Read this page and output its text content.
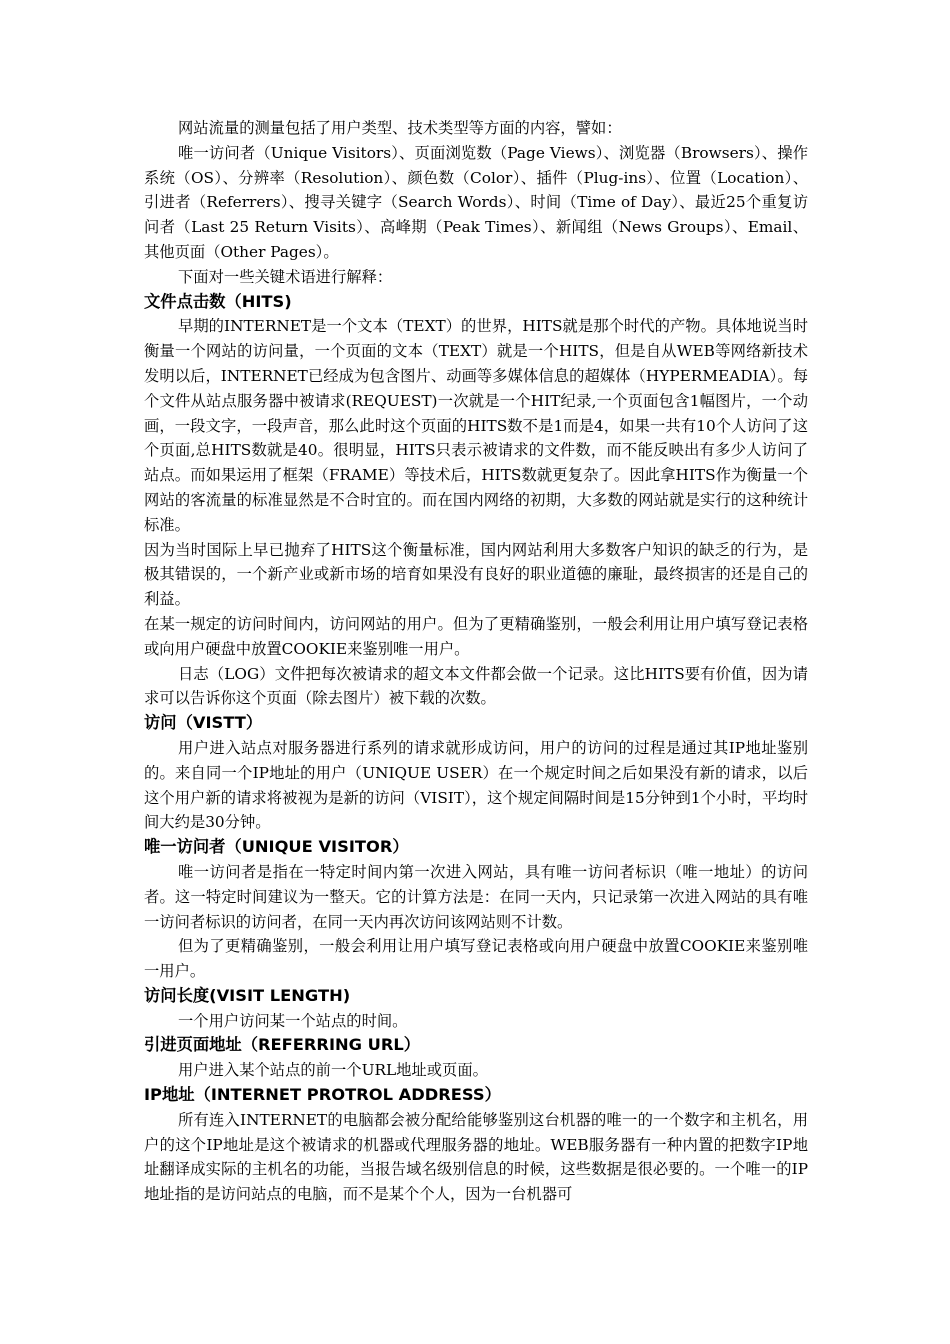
网站流量的测量包括了用户类型、技术类型等方面的内容，譬如：

唯一访问者（Unique Visitors）、页面浏览数（Page Views）、浏览器（Browsers）、操作系统（OS）、分辨率（Resolution）、颜色数（Color）、插件（Plug-ins）、位置（Location）、引进者（Referrers）、搜寻关键字（Search Words）、时间（Time of Day）、最近25个重复访问者（Last 25 Return Visits）、高峰期（Peak Times）、新闻组（News Groups）、Email、其他页面（Other Pages）。

下面对一些关键术语进行解释：

文件点击数（HITS)

早期的INTERNET是一个文本（TEXT）的世界，HITS就是那个时代的产物。具体地说当时衡量一个网站的访问量，一个页面的文本（TEXT）就是一个HITS，但是自从WEB等网络新技术发明以后，INTERNET已经成为包含图片、动画等多媒体信息的超媒体（HYPERMEADIA）。每个文件从站点服务器中被请求(REQUEST)一次就是一个HIT纪录,一个页面包含1幅图片，一个动画，一段文字，一段声音，那么此时这个页面的HITS数不是1而是4，如果一共有10个人访问了这个页面,总HITS数就是40。很明显，HITS只表示被请求的文件数，而不能反映出有多少人访问了站点。而如果运用了框架（FRAME）等技术后，HITS数就更复杂了。因此拿HITS作为衡量一个网站的客流量的标准显然是不合时宜的。而在国内网络的初期，大多数的网站就是实行的这种统计标准。

因为当时国际上早已抛弃了HITS这个衡量标准，国内网站利用大多数客户知识的缺乏的行为，是极其错误的，一个新产业或新市场的培育如果没有良好的职业道德的廉耻，最终损害的还是自己的利益。

在某一规定的访问时间内，访问网站的用户。但为了更精确鉴别，一般会利用让用户填写登记表格或向用户硬盘中放置COOKIE来鉴别唯一用户。

日志（LOG）文件把每次被请求的超文本文件都会做一个记录。这比HITS要有价值，因为请求可以告诉你这个页面（除去图片）被下载的次数。

访问（VISTT）

用户进入站点对服务器进行系列的请求就形成访问，用户的访问的过程是通过其IP地址鉴别的。来自同一个IP地址的用户（UNIQUE USER）在一个规定时间之后如果没有新的请求，以后这个用户新的请求将被视为是新的访问（VISIT），这个规定间隔时间是15分钟到1个小时，平均时间大约是30分钟。

唯一访问者（UNIQUE VISITOR）

唯一访问者是指在一特定时间内第一次进入网站，具有唯一访问者标识（唯一地址）的访问者。这一特定时间建议为一整天。它的计算方法是：在同一天内，只记录第一次进入网站的具有唯一访问者标识的访问者，在同一天内再次访问该网站则不计数。

但为了更精确鉴别，一般会利用让用户填写登记表格或向用户硬盘中放置COOKIE来鉴别唯一用户。

访问长度(VISIT LENGTH)

一个用户访问某一个站点的时间。

引进页面地址（REFERRING URL）

用户进入某个站点的前一个URL地址或页面。

IP地址（INTERNET PROTROL ADDRESS）

所有连入INTERNET的电脑都会被分配给能够鉴别这台机器的唯一的一个数字和主机名，用户的这个IP地址是这个被请求的机器或代理服务器的地址。WEB服务器有一种内置的把数字IP地址翻译成实际的主机名的功能，当报告域名级别信息的时候，这些数据是很必要的。一个唯一的IP地址指的是访问站点的电脑，而不是某个个人，因为一台机器可
